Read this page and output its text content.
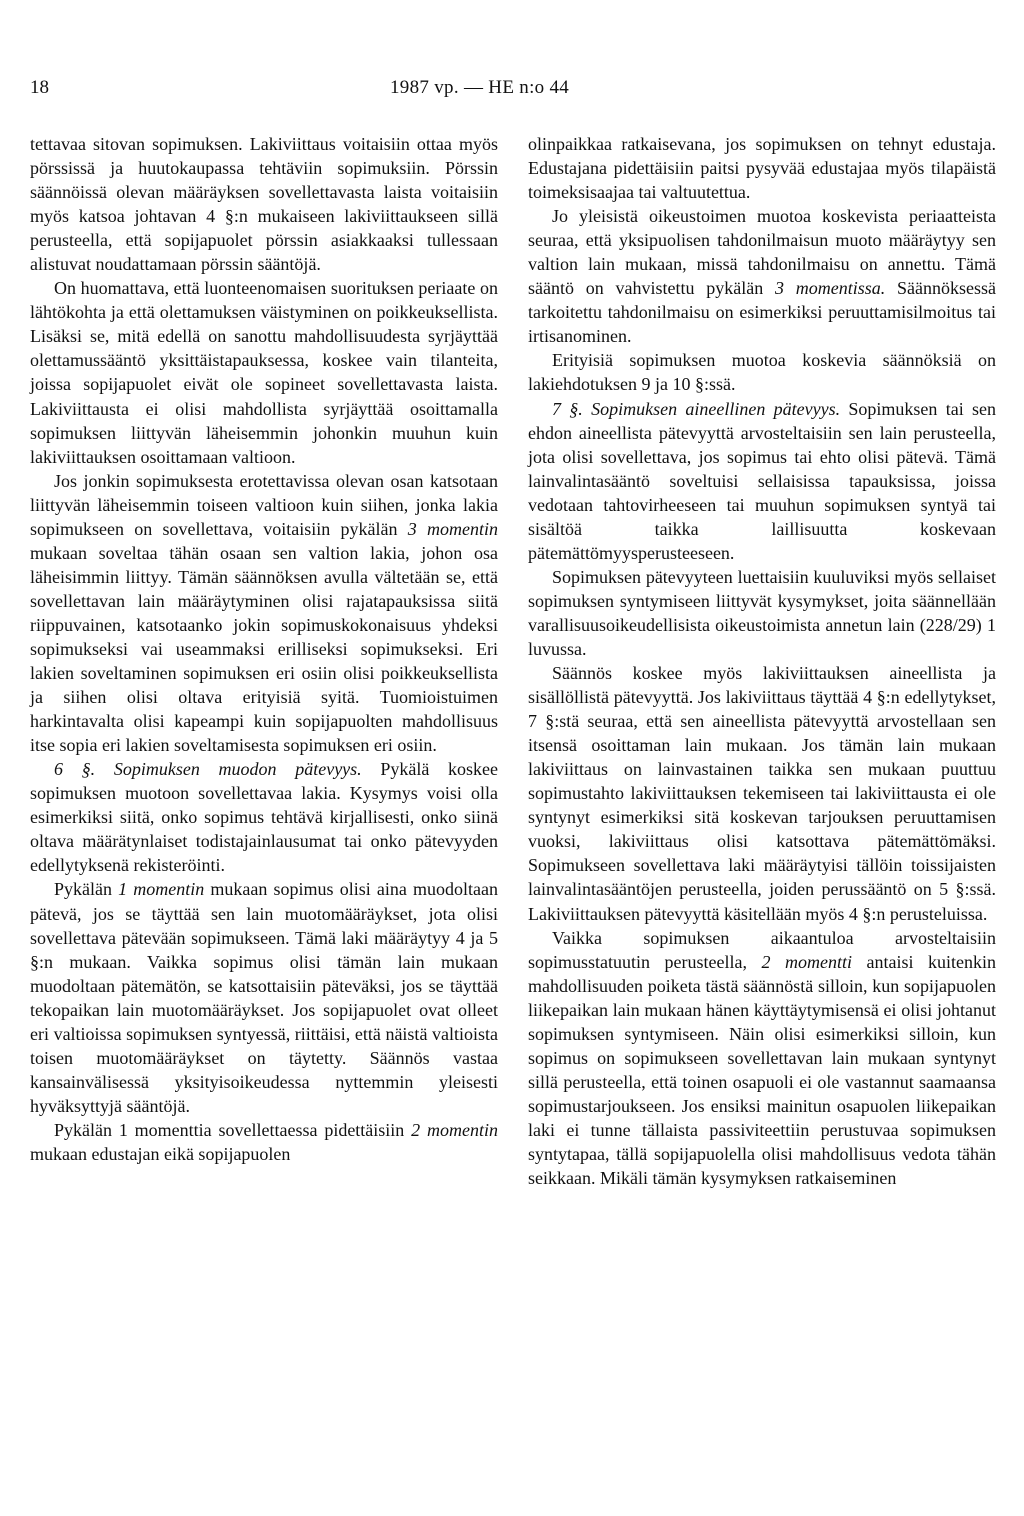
18	1987 vp. — HE n:o 44

tettavaa sitovan sopimuksen. Lakiviittaus voitaisiin ottaa myös pörssissä ja huutokaupassa tehtäviin sopimuksiin. Pörssin säännöissä olevan määräyksen sovellettavasta laista voitaisiin myös katsoa johtavan 4 §:n mukaiseen lakiviittaukseen sillä perusteella, että sopijapuolet pörssin asiakkaaksi tullessaan alistuvat noudattamaan pörssin sääntöjä.

On huomattava, että luonteenomaisen suorituksen periaate on lähtökohta ja että olettamuksen väistyminen on poikkeuksellista. Lisäksi se, mitä edellä on sanottu mahdollisuudesta syrjäyttää olettamussääntö yksittäistapauksessa, koskee vain tilanteita, joissa sopijapuolet eivät ole sopineet sovellettavasta laista. Lakiviittausta ei olisi mahdollista syrjäyttää osoittamalla sopimuksen liittyvän läheisemmin johonkin muuhun kuin lakiviittauksen osoittamaan valtioon.

Jos jonkin sopimuksesta erotettavissa olevan osan katsotaan liittyvän läheisemmin toiseen valtioon kuin siihen, jonka lakia sopimukseen on sovellettava, voitaisiin pykälän 3 momentin mukaan soveltaa tähän osaan sen valtion lakia, johon osa läheisimmin liittyy. Tämän säännöksen avulla vältetään se, että sovellettavan lain määräytyminen olisi rajatapauksissa siitä riippuvainen, katsotaanko jokin sopimuskokonaisuus yhdeksi sopimukseksi vai useammaksi erilliseksi sopimukseksi. Eri lakien soveltaminen sopimuksen eri osiin olisi poikkeuksellista ja siihen olisi oltava erityisiä syitä. Tuomioistuimen harkintavalta olisi kapeampi kuin sopijapuolten mahdollisuus itse sopia eri lakien soveltamisesta sopimuksen eri osiin.

6 §. Sopimuksen muodon pätevyys. Pykälä koskee sopimuksen muotoon sovellettavaa lakia. Kysymys voisi olla esimerkiksi siitä, onko sopimus tehtävä kirjallisesti, onko siinä oltava määrätynlaiset todistajainlausumat tai onko pätevyyden edellytyksenä rekisteröinti.

Pykälän 1 momentin mukaan sopimus olisi aina muodoltaan pätevä, jos se täyttää sen lain muotomääräykset, jota olisi sovellettava pätevään sopimukseen. Tämä laki määräytyy 4 ja 5 §:n mukaan. Vaikka sopimus olisi tämän lain mukaan muodoltaan pätemätön, se katsottaisiin päteväksi, jos se täyttää tekopaikan lain muotomääräykset. Jos sopijapuolet ovat olleet eri valtioissa sopimuksen syntyessä, riittäisi, että näistä valtioista toisen muotomääräykset on täytetty. Säännös vastaa kansainvälisessä yksityisoikeudessa nyttemmin yleisesti hyväksyttyjä sääntöjä.

Pykälän 1 momenttia sovellettaessa pidettäisiin 2 momentin mukaan edustajan eikä sopijapuolen

olinpaikkaa ratkaisevana, jos sopimuksen on tehnyt edustaja. Edustajana pidettäisiin paitsi pysyvää edustajaa myös tilapäistä toimeksisaajaa tai valtuutettua.

Jo yleisistä oikeustoimen muotoa koskevista periaatteista seuraa, että yksipuolisen tahdonilmaisun muoto määräytyy sen valtion lain mukaan, missä tahdonilmaisu on annettu. Tämä sääntö on vahvistettu pykälän 3 momentissa. Säännöksessä tarkoitettu tahdonilmaisu on esimerkiksi peruuttamisilmoitus tai irtisanominen.

Erityisiä sopimuksen muotoa koskevia säännöksiä on lakiehdotuksen 9 ja 10 §:ssä.

7 §. Sopimuksen aineellinen pätevyys. Sopimuksen tai sen ehdon aineellista pätevyyttä arvosteltaisiin sen lain perusteella, jota olisi sovellettava, jos sopimus tai ehto olisi pätevä. Tämä lainvalintasääntö soveltuisi sellaisissa tapauksissa, joissa vedotaan tahtovirheeseen tai muuhun sopimuksen syntyä tai sisältöä taikka laillisuutta koskevaan pätemättömyysperusteeseen.

Sopimuksen pätevyyteen luettaisiin kuuluviksi myös sellaiset sopimuksen syntymiseen liittyvät kysymykset, joita säännellään varallisuusoikeudellisista oikeustoimista annetun lain (228/29) 1 luvussa.

Säännös koskee myös lakiviittauksen aineellista ja sisällöllistä pätevyyttä. Jos lakiviittaus täyttää 4 §:n edellytykset, 7 §:stä seuraa, että sen aineellista pätevyyttä arvostellaan sen itsensä osoittaman lain mukaan. Jos tämän lain mukaan lakiviittaus on lainvastainen taikka sen mukaan puuttuu sopimustahto lakiviittauksen tekemiseen tai lakiviittausta ei ole syntynyt esimerkiksi sitä koskevan tarjouksen peruuttamisen vuoksi, lakiviittaus olisi katsottava pätemättömäksi. Sopimukseen sovellettava laki määräytyisi tällöin toissijaisten lainvalintasääntöjen perusteella, joiden perussääntö on 5 §:ssä. Lakiviittauksen pätevyyttä käsitellään myös 4 §:n perusteluissa.

Vaikka sopimuksen aikaantuloa arvosteltaisiin sopimusstatuutin perusteella, 2 momentti antaisi kuitenkin mahdollisuuden poiketa tästä säännöstä silloin, kun sopijapuolen liikepaikan lain mukaan hänen käyttäytymisensä ei olisi johtanut sopimuksen syntymiseen. Näin olisi esimerkiksi silloin, kun sopimus on sopimukseen sovellettavan lain mukaan syntynyt sillä perusteella, että toinen osapuoli ei ole vastannut saamaansa sopimustarjoukseen. Jos ensiksi mainitun osapuolen liikepaikan laki ei tunne tällaista passiviteettiin perustuvaa sopimuksen syntytapaa, tällä sopijapuolella olisi mahdollisuus vedota tähän seikkaan. Mikäli tämän kysymyksen ratkaiseminen
